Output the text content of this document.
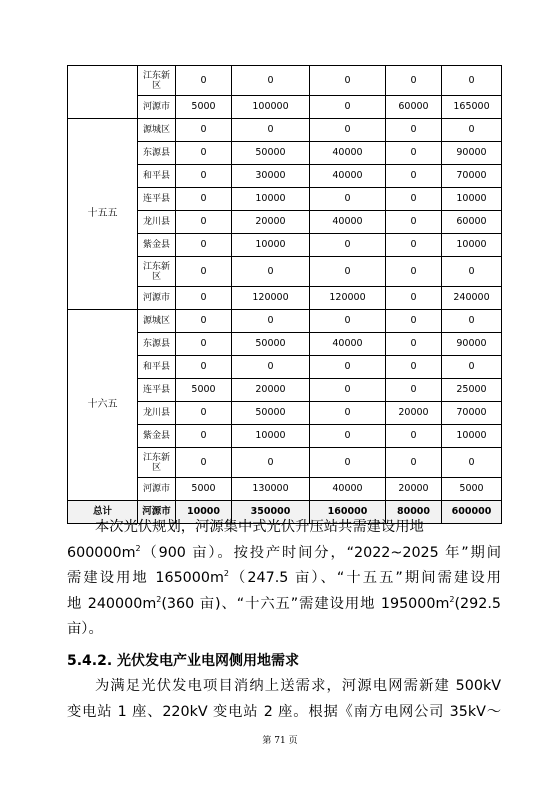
	江东新区	0	0	0	0	0
	河源市	5000	100000	0	60000	165000
十五五	源城区	0	0	0	0	0
	东源县	0	50000	40000	0	90000
	和平县	0	30000	40000	0	70000
	连平县	0	10000	0	0	10000
	龙川县	0	20000	40000	0	60000
	紫金县	0	10000	0	0	10000
	江东新区	0	0	0	0	0
	河源市	0	120000	120000	0	240000
十六五	源城区	0	0	0	0	0
	东源县	0	50000	40000	0	90000
	和平县	0	0	0	0	0
	连平县	5000	20000	0	0	25000
	龙川县	0	50000	0	20000	70000
	紫金县	0	10000	0	0	10000
	江东新区	0	0	0	0	0
	河源市	5000	130000	40000	20000	5000
总计	河源市	10000	350000	160000	80000	600000

本次光伏规划，河源集中式光伏升压站共需建设用地
$600000m^2(900$ 亩）。按投产时间分，“2022~2025 年”期间
需建设用地 $165000m^2(247.5$ 亩）、“十五五”期间需建设用
地 $240000m^2(360$ 亩)、“十六五”需建设用地 $195000m^2(292.5$
亩）。

5.4.2. 光伏发电产业电网侧用地需求

为满足光伏发电项目消纳上送需求，河源电网需新建 500kV
变电站 1 座、220kV 变电站 2 座。根据《南方电网公司 35kV～

第 71 页
